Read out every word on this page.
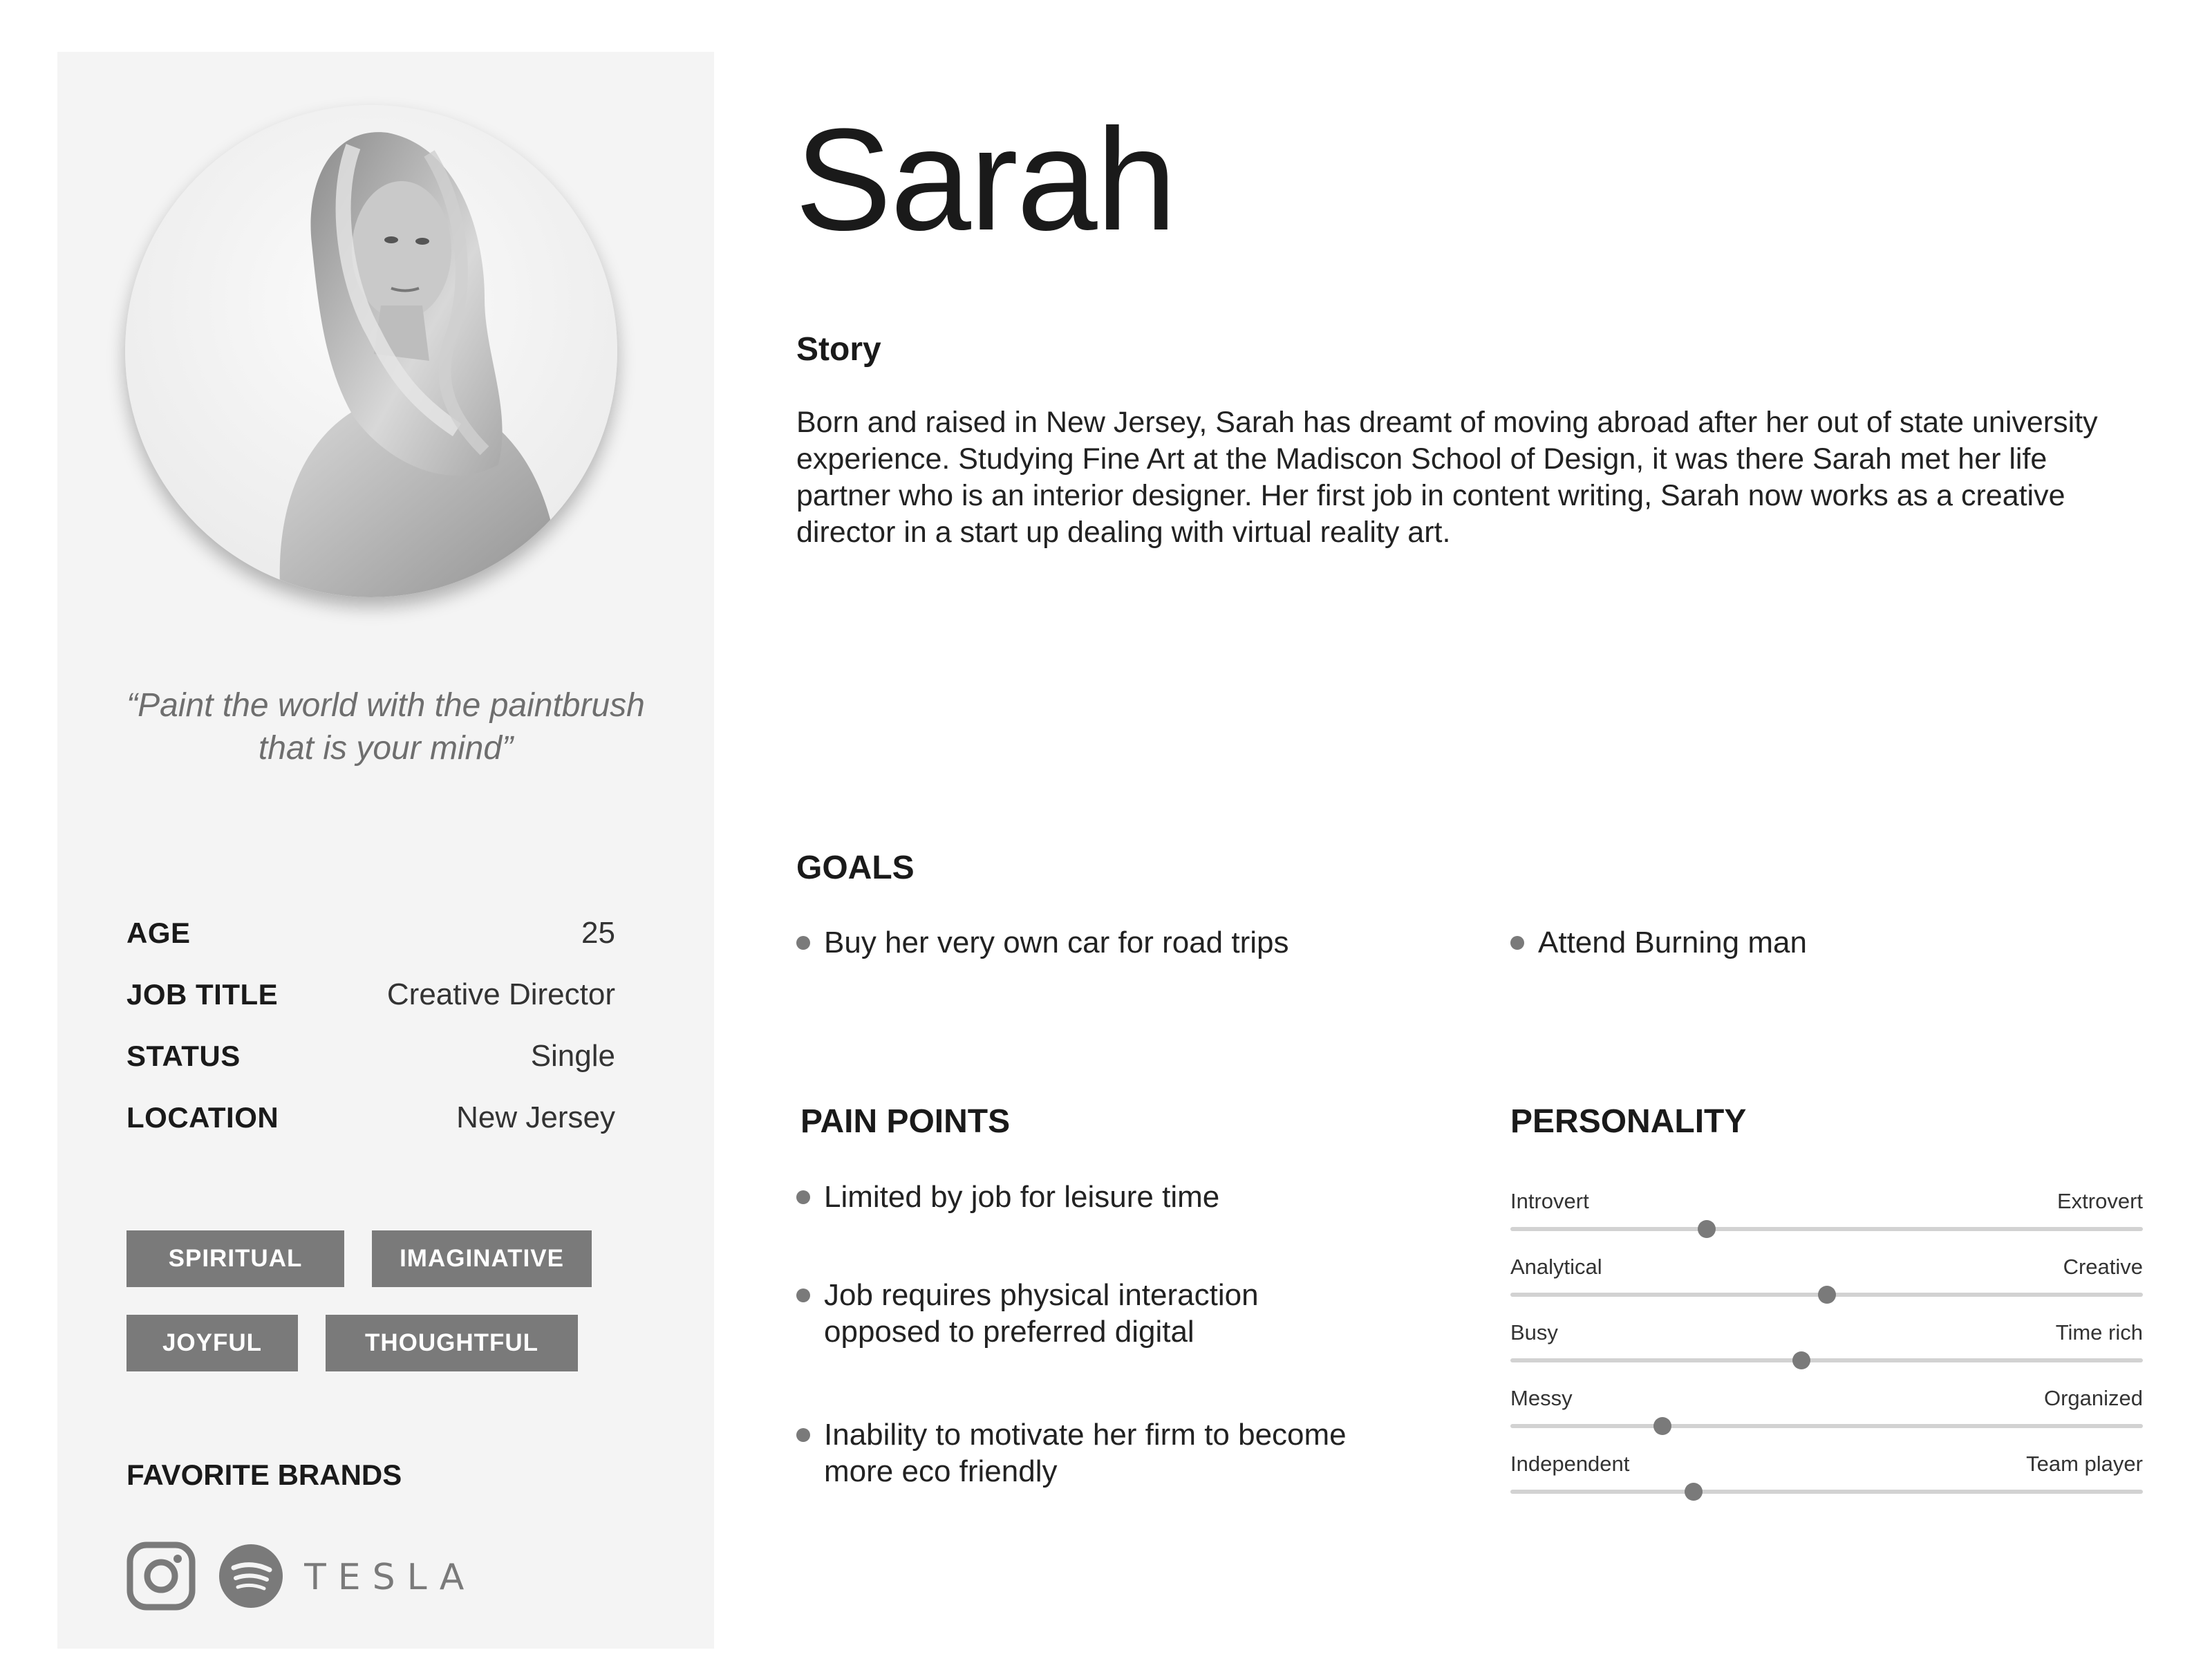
“Paint the world with the paintbrush
that is your mind”
AGE	25
JOB TITLE	Creative Director
STATUS	Single
LOCATION	New Jersey
SPIRITUAL	IMAGINATIVE
JOYFUL	THOUGHTFUL
FAVORITE BRANDS
TESLA
Sarah
Story
Born and raised in New Jersey, Sarah has dreamt of moving abroad after her out of state university experience. Studying Fine Art at the Madiscon School of Design, it was there Sarah met her life partner who is an interior designer. Her first job in content writing, Sarah now works as a creative director in a start up dealing with virtual reality art.
GOALS
Buy her very own car for road trips	Attend Burning man
PAIN POINTS
Limited by job for leisure time
Job requires physical interaction
opposed to preferred digital
Inability to motivate her firm to become
more eco friendly
PERSONALITY
Introvert	Extrovert
Analytical	Creative
Busy	Time rich
Messy	Organized
Independent	Team player
